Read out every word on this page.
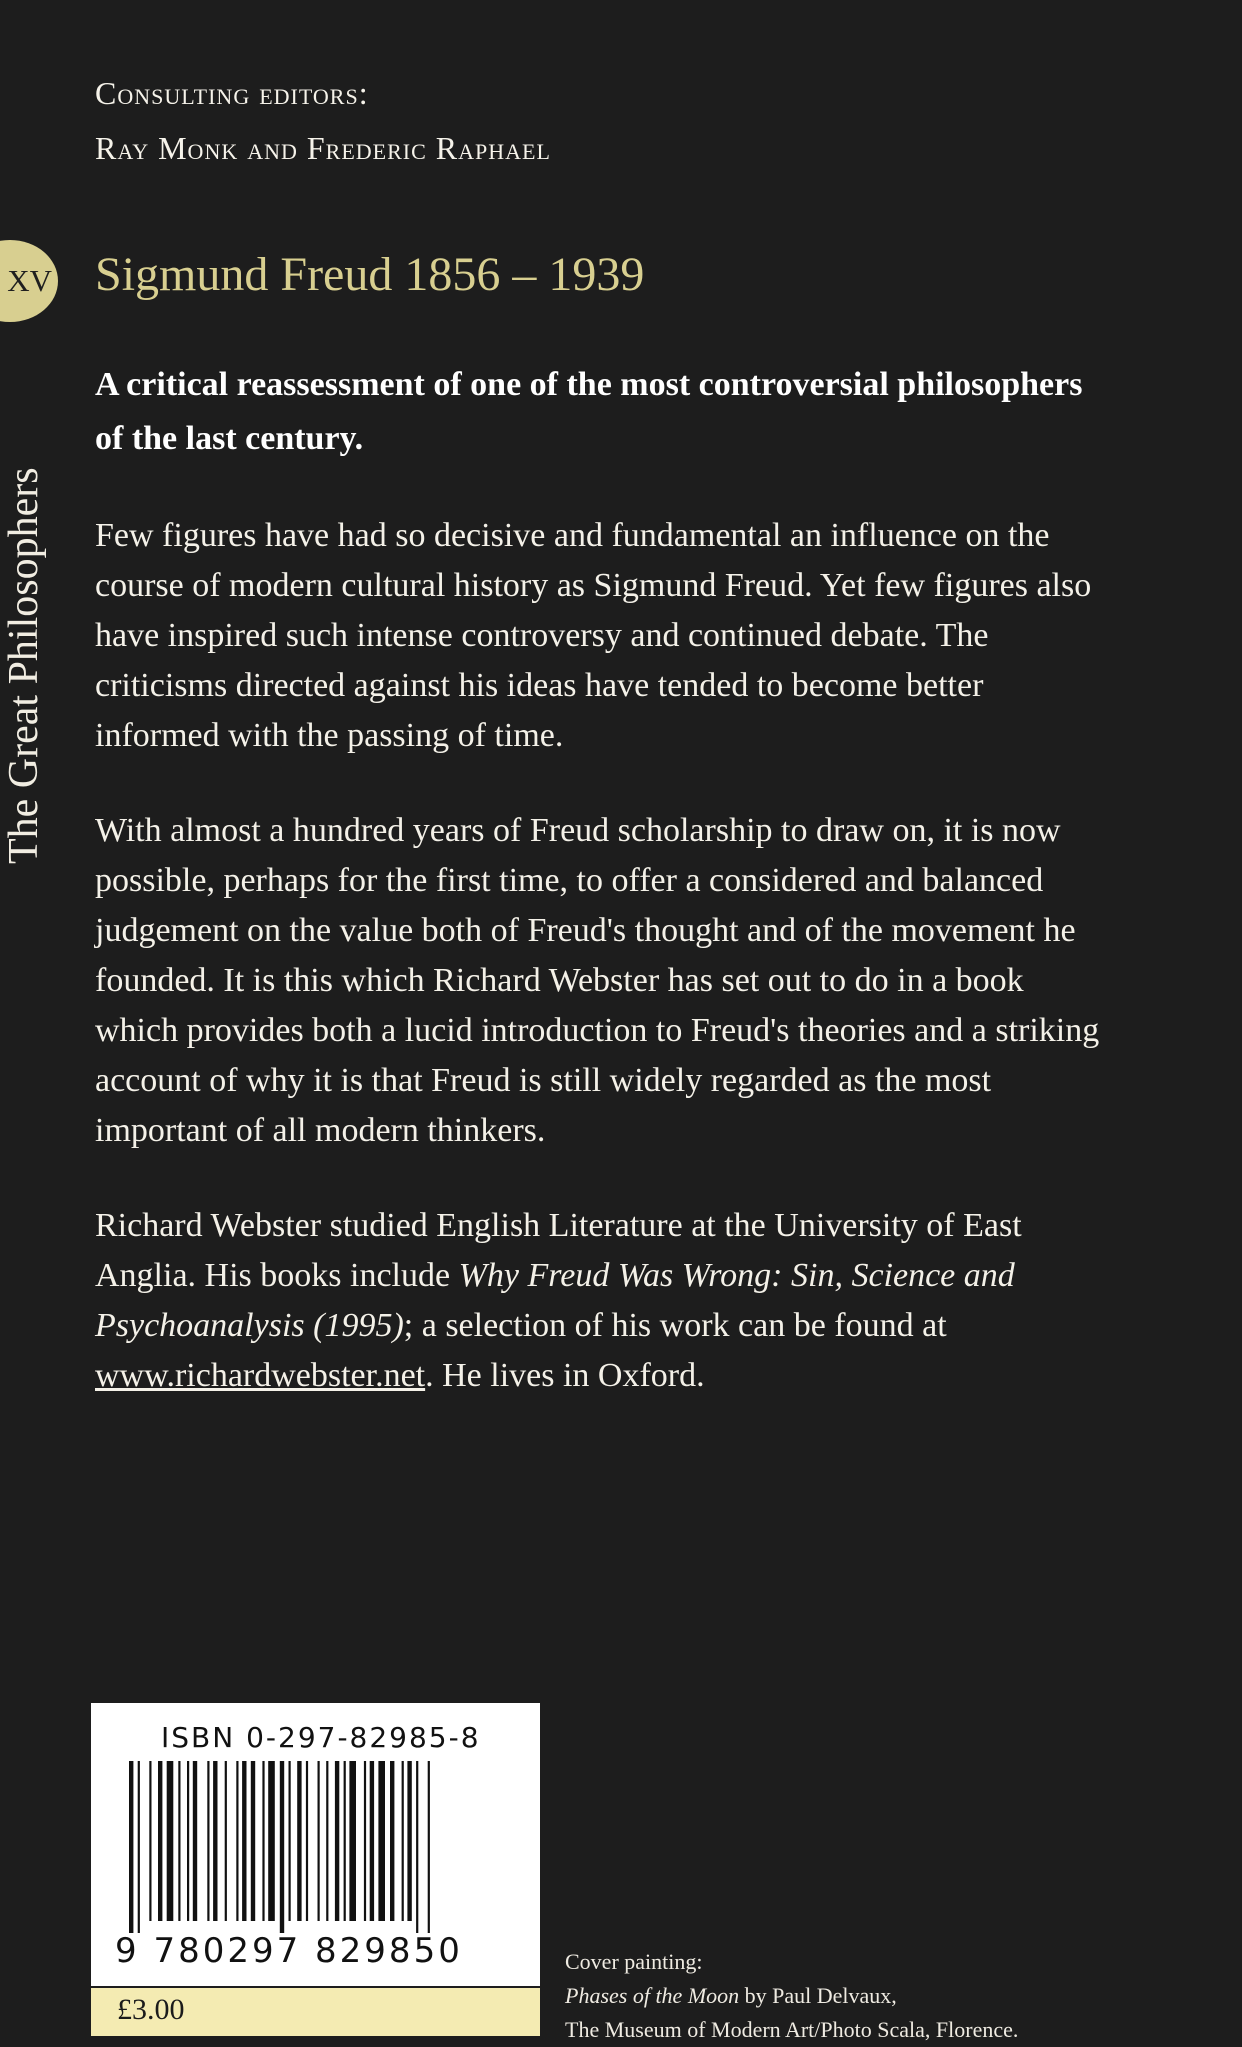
Consulting editors:
Ray Monk and Frederic Raphael
XV
The Great Philosophers
Sigmund Freud 1856 – 1939

A critical reassessment of one of the most controversial philosophers of the last century.

Few figures have had so decisive and fundamental an influence on the course of modern cultural history as Sigmund Freud. Yet few figures also have inspired such intense controversy and continued debate. The criticisms directed against his ideas have tended to become better informed with the passing of time.

With almost a hundred years of Freud scholarship to draw on, it is now possible, perhaps for the first time, to offer a considered and balanced judgement on the value both of Freud's thought and of the movement he founded. It is this which Richard Webster has set out to do in a book which provides both a lucid introduction to Freud's theories and a striking account of why it is that Freud is still widely regarded as the most important of all modern thinkers.

Richard Webster studied English Literature at the University of East Anglia. His books include Why Freud Was Wrong: Sin, Science and Psychoanalysis (1995); a selection of his work can be found at www.richardwebster.net. He lives in Oxford.

ISBN 0-297-82985-8
9 780297 829850
£3.00
Cover painting:
Phases of the Moon by Paul Delvaux,
The Museum of Modern Art/Photo Scala, Florence.
